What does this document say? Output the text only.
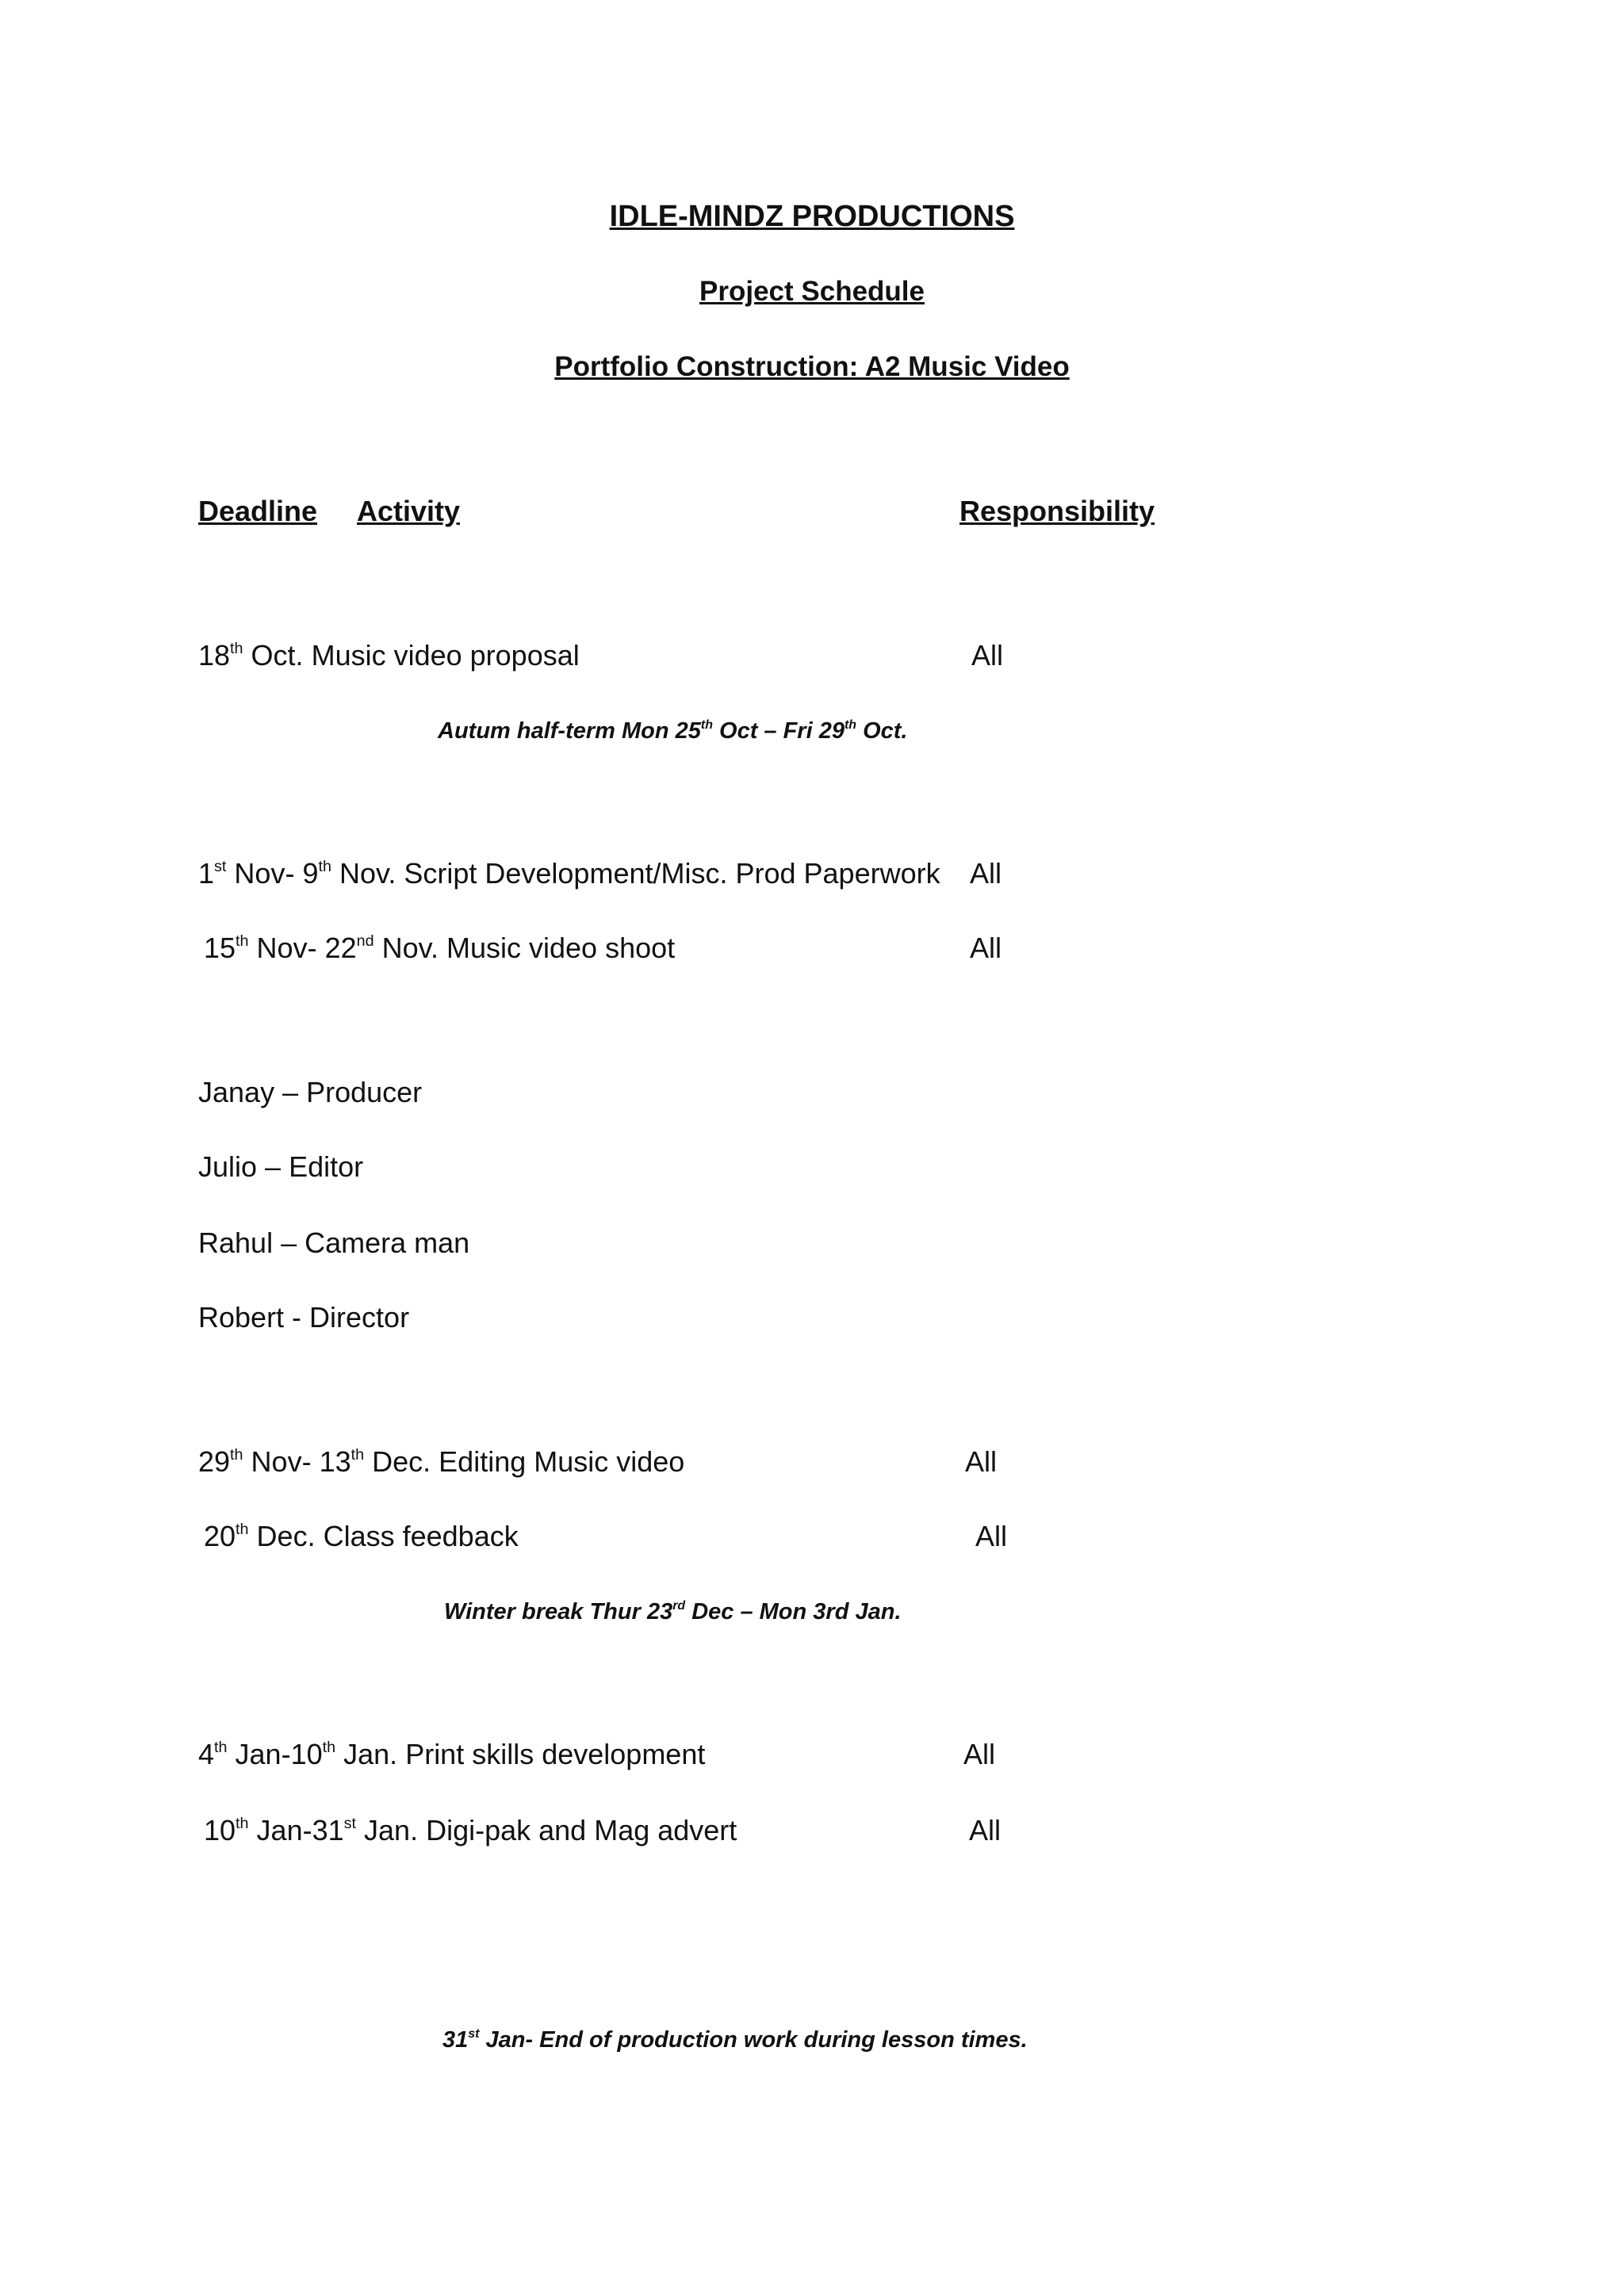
IDLE-MINDZ PRODUCTIONS
Project Schedule
Portfolio Construction: A2 Music Video
Deadline Activity	Responsibility
18th Oct. Music video proposal	All
Autum half-term Mon 25th Oct – Fri 29th Oct.
1st Nov- 9th Nov. Script Development/Misc. Prod Paperwork All
15th Nov- 22nd Nov. Music video shoot	All
Janay – Producer
Julio – Editor
Rahul – Camera man
Robert - Director
29th Nov- 13th Dec. Editing Music video	All
20th Dec. Class feedback	All
Winter break Thur 23rd Dec – Mon 3rd Jan.
4th Jan-10th Jan. Print skills development	All
10th Jan-31st Jan. Digi-pak and Mag advert	All
31st Jan- End of production work during lesson times.
